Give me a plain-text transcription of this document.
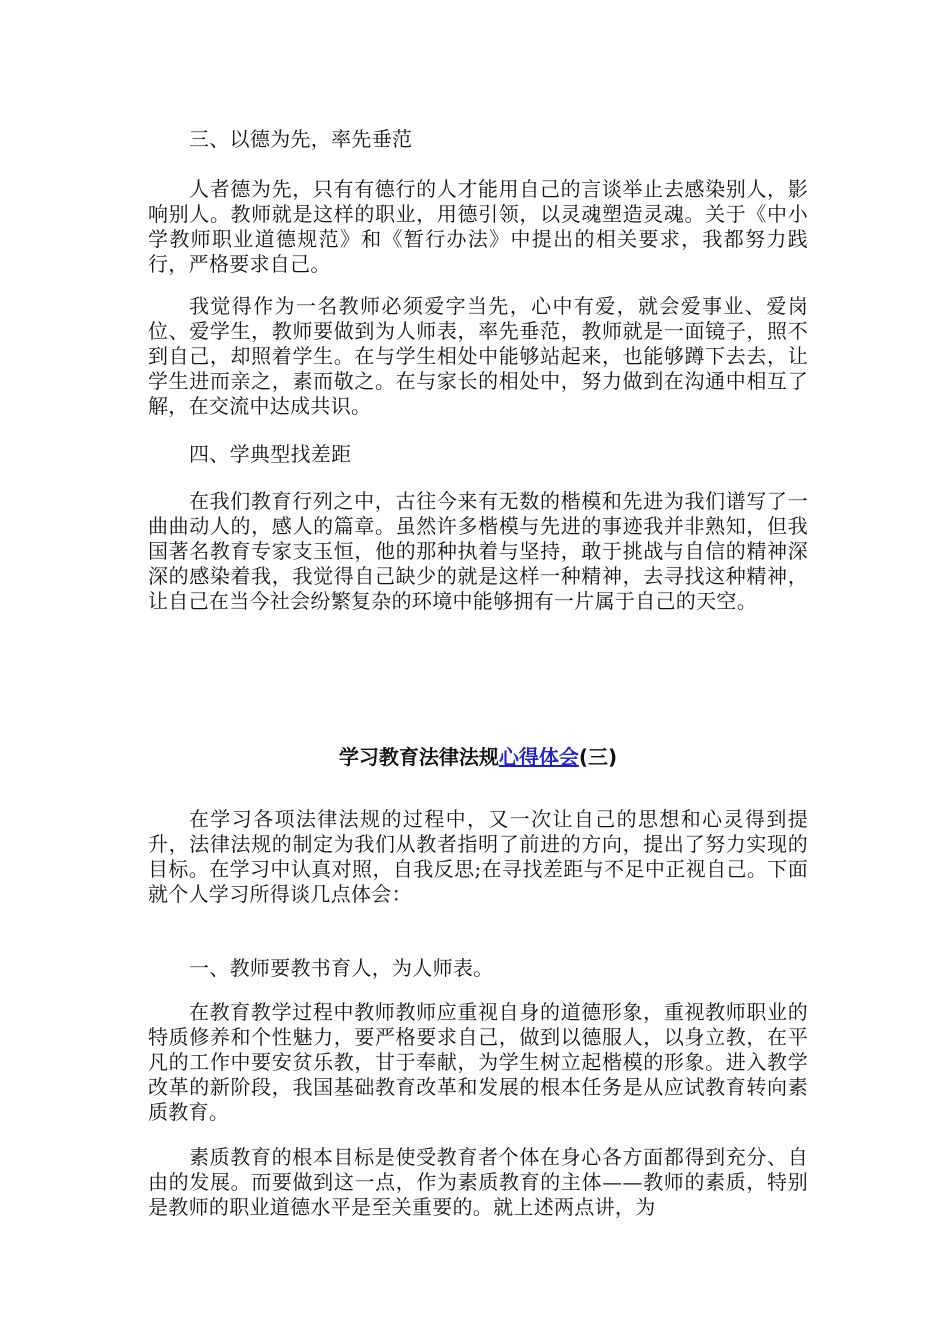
三、以德为先，率先垂范

人者德为先，只有有德行的人才能用自己的言谈举止去感染别人，影响别人。教师就是这样的职业，用德引领，以灵魂塑造灵魂。关于《中小学教师职业道德规范》和《暂行办法》中提出的相关要求，我都努力践行，严格要求自己。

我觉得作为一名教师必须爱字当先，心中有爱，就会爱事业、爱岗位、爱学生，教师要做到为人师表，率先垂范，教师就是一面镜子，照不到自己，却照着学生。在与学生相处中能够站起来，也能够蹲下去去，让学生进而亲之，素而敬之。在与家长的相处中，努力做到在沟通中相互了解，在交流中达成共识。

四、学典型找差距

在我们教育行列之中，古往今来有无数的楷模和先进为我们谱写了一曲曲动人的，感人的篇章。虽然许多楷模与先进的事迹我并非熟知，但我国著名教育专家支玉恒，他的那种执着与坚持，敢于挑战与自信的精神深深的感染着我，我觉得自己缺少的就是这样一种精神，去寻找这种精神，让自己在当今社会纷繁复杂的环境中能够拥有一片属于自己的天空。

学习教育法律法规心得体会(三)

在学习各项法律法规的过程中，又一次让自己的思想和心灵得到提升，法律法规的制定为我们从教者指明了前进的方向，提出了努力实现的目标。在学习中认真对照，自我反思;在寻找差距与不足中正视自己。下面就个人学习所得谈几点体会：

一、教师要教书育人，为人师表。

在教育教学过程中教师教师应重视自身的道德形象，重视教师职业的特质修养和个性魅力，要严格要求自己，做到以德服人，以身立教，在平凡的工作中要安贫乐教，甘于奉献，为学生树立起楷模的形象。进入教学改革的新阶段，我国基础教育改革和发展的根本任务是从应试教育转向素质教育。

素质教育的根本目标是使受教育者个体在身心各方面都得到充分、自由的发展。而要做到这一点，作为素质教育的主体——教师的素质，特别是教师的职业道德水平是至关重要的。就上述两点讲，为
